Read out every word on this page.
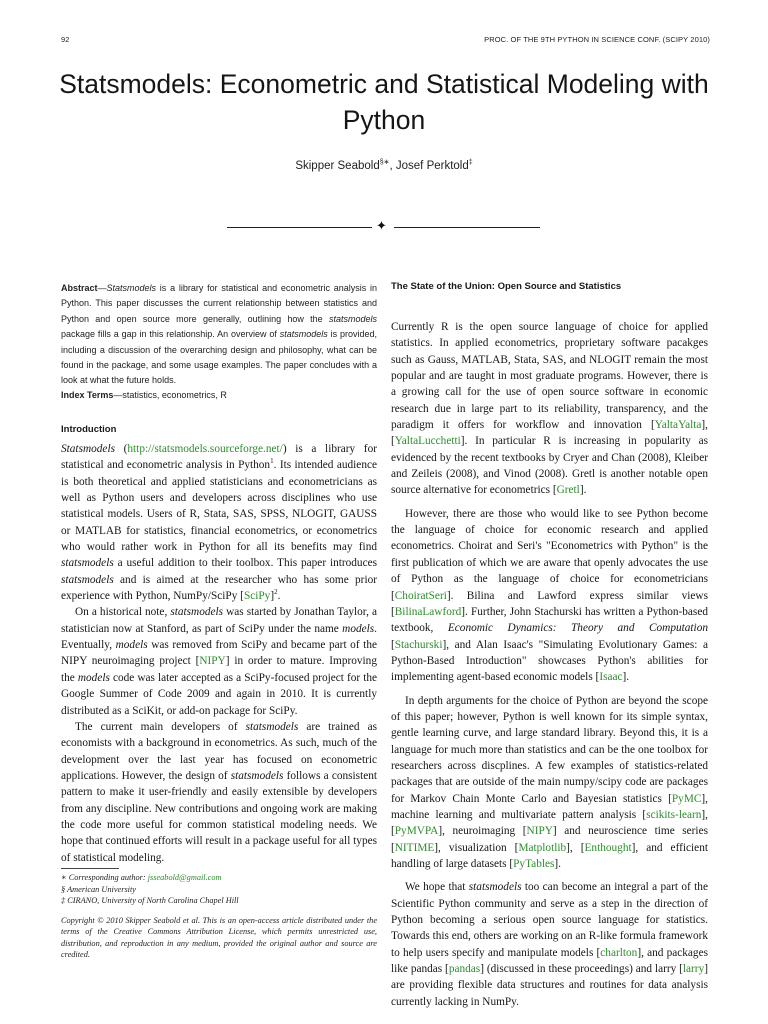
92	PROC. OF THE 9TH PYTHON IN SCIENCE CONF. (SCIPY 2010)
Statsmodels: Econometric and Statistical Modeling with Python
Skipper Seabold§∗, Josef Perktold‡
✦
Abstract—Statsmodels is a library for statistical and econometric analysis in Python. This paper discusses the current relationship between statistics and Python and open source more generally, outlining how the statsmodels package fills a gap in this relationship. An overview of statsmodels is provided, including a discussion of the overarching design and philosophy, what can be found in the package, and some usage examples. The paper concludes with a look at what the future holds.
Index Terms—statistics, econometrics, R
Introduction

Statsmodels (http://statsmodels.sourceforge.net/) is a library for statistical and econometric analysis in Python$^1$. Its intended audience is both theoretical and applied statisticians and econometricians as well as Python users and developers across disciplines who use statistical models. Users of R, Stata, SAS, SPSS, NLOGIT, GAUSS or MATLAB for statistics, financial econometrics, or econometrics who would rather work in Python for all its benefits may find statsmodels a useful addition to their toolbox. This paper introduces statsmodels and is aimed at the researcher who has some prior experience with Python, NumPy/SciPy [SciPy]$^2$.

On a historical note, statsmodels was started by Jonathan Taylor, a statistician now at Stanford, as part of SciPy under the name models. Eventually, models was removed from SciPy and became part of the NIPY neuroimaging project [NIPY] in order to mature. Improving the models code was later accepted as a SciPy-focused project for the Google Summer of Code 2009 and again in 2010. It is currently distributed as a SciKit, or add-on package for SciPy.

The current main developers of statsmodels are trained as economists with a background in econometrics. As such, much of the development over the last year has focused on econometric applications. However, the design of statsmodels follows a consistent pattern to make it user-friendly and easily extensible by developers from any discipline. New contributions and ongoing work are making the code more useful for common statistical modeling needs. We hope that continued efforts will result in a package useful for all types of statistical modeling.

∗ Corresponding author: jsseabold@gmail.com
§ American University
‡ CIRANO, University of North Carolina Chapel Hill
Copyright © 2010 Skipper Seabold et al. This is an open-access article distributed under the terms of the Creative Commons Attribution License, which permits unrestricted use, distribution, and reproduction in any medium, provided the original author and source are credited.
The State of the Union: Open Source and Statistics

Currently R is the open source language of choice for applied statistics. In applied econometrics, proprietary software pacakges such as Gauss, MATLAB, Stata, SAS, and NLOGIT remain the most popular and are taught in most graduate programs. However, there is a growing call for the use of open source software in economic research due in large part to its reliability, transparency, and the paradigm it offers for workflow and innovation [YaltaYalta], [YaltaLucchetti]. In particular R is increasing in popularity as evidenced by the recent textbooks by Cryer and Chan (2008), Kleiber and Zeileis (2008), and Vinod (2008). Gretl is another notable open source alternative for econometrics [Gretl].

However, there are those who would like to see Python become the language of choice for economic research and applied econometrics. Choirat and Seri's "Econometrics with Python" is the first publication of which we are aware that openly advocates the use of Python as the language of choice for econometricians [ChoiratSeri]. Bilina and Lawford express similar views [BilinaLawford]. Further, John Stachurski has written a Python-based textbook, Economic Dynamics: Theory and Computation [Stachurski], and Alan Isaac's "Simulating Evolutionary Games: a Python-Based Introduction" showcases Python's abilities for implementing agent-based economic models [Isaac].

In depth arguments for the choice of Python are beyond the scope of this paper; however, Python is well known for its simple syntax, gentle learning curve, and large standard library. Beyond this, it is a language for much more than statistics and can be the one toolbox for researchers across discplines. A few examples of statistics-related packages that are outside of the main numpy/scipy code are packages for Markov Chain Monte Carlo and Bayesian statistics [PyMC], machine learning and multivariate pattern analysis [scikits-learn], [PyMVPA], neuroimaging [NIPY] and neuroscience time series [NITIME], visualization [Matplotlib], [Enthought], and efficient handling of large datasets [PyTables].

We hope that statsmodels too can become an integral a part of the Scientific Python community and serve as a step in the direction of Python becoming a serious open source language for statistics. Towards this end, others are working on an R-like formula framework to help users specify and manipulate models [charlton], and packages like pandas [pandas] (discussed in these proceedings) and larry [larry] are providing flexible data structures and routines for data analysis currently lacking in NumPy.
